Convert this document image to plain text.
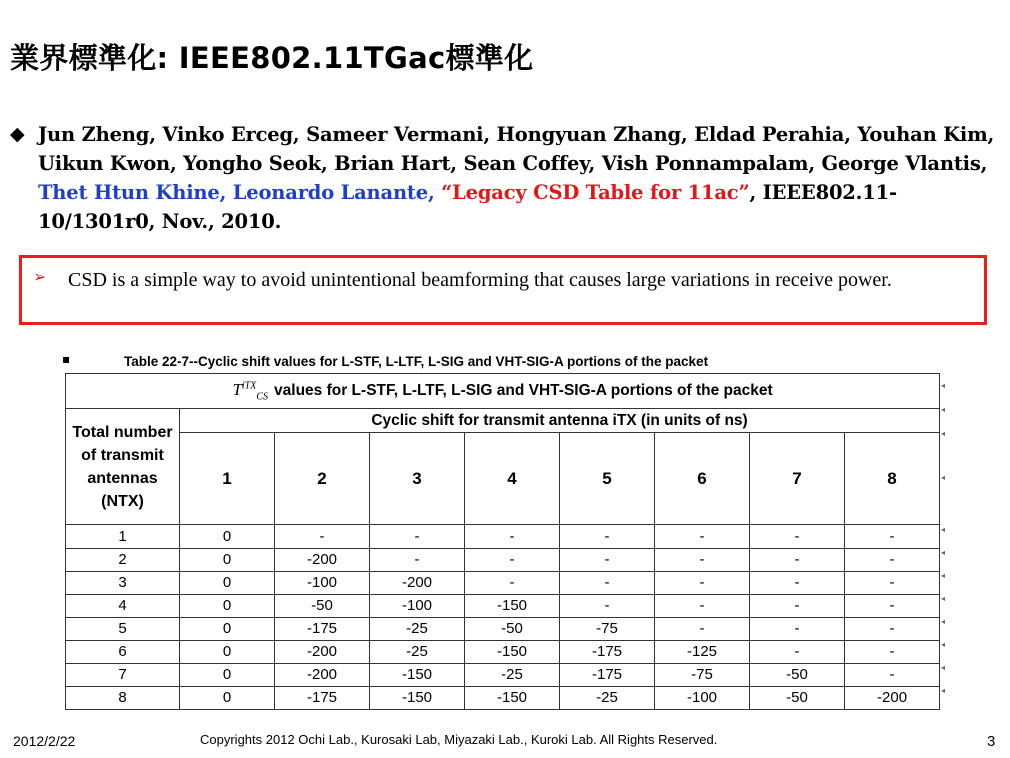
業界標準化: IEEE802.11TGac標準化
◆ Jun Zheng, Vinko Erceg, Sameer Vermani, Hongyuan Zhang, Eldad Perahia, Youhan Kim, Uikun Kwon, Yongho Seok, Brian Hart, Sean Coffey, Vish Ponnampalam, George Vlantis, Thet Htun Khine, Leonardo Lanante, “Legacy CSD Table for 11ac”, IEEE802.11-10/1301r0, Nov., 2010.
➢ CSD is a simple way to avoid unintentional beamforming that causes large variations in receive power.
▪	Table 22-7--Cyclic shift values for L-STF, L-LTF, L-SIG and VHT-SIG-A portions of the packet
$T^{iTX}_{CS}$ values for L-STF, L-LTF, L-SIG and VHT-SIG-A portions of the packet								
Total number of transmit antennas (NTX)	Cyclic shift for transmit antenna iTX (in units of ns)							
	1	2	3	4	5	6	7	8
1	0	-	-	-	-	-	-	-
2	0	-200	-	-	-	-	-	-
3	0	-100	-200	-	-	-	-	-
4	0	-50	-100	-150	-	-	-	-
5	0	-175	-25	-50	-75	-	-	-
6	0	-200	-25	-150	-175	-125	-	-
7	0	-200	-150	-25	-175	-75	-50	-
8	0	-175	-150	-150	-25	-100	-50	-200
◂
◂
◂
◂
◂
◂
◂
◂
◂
◂
◂
◂
2012/2/22	Copyrights 2012 Ochi Lab., Kurosaki Lab, Miyazaki Lab., Kuroki Lab. All Rights Reserved.	3
